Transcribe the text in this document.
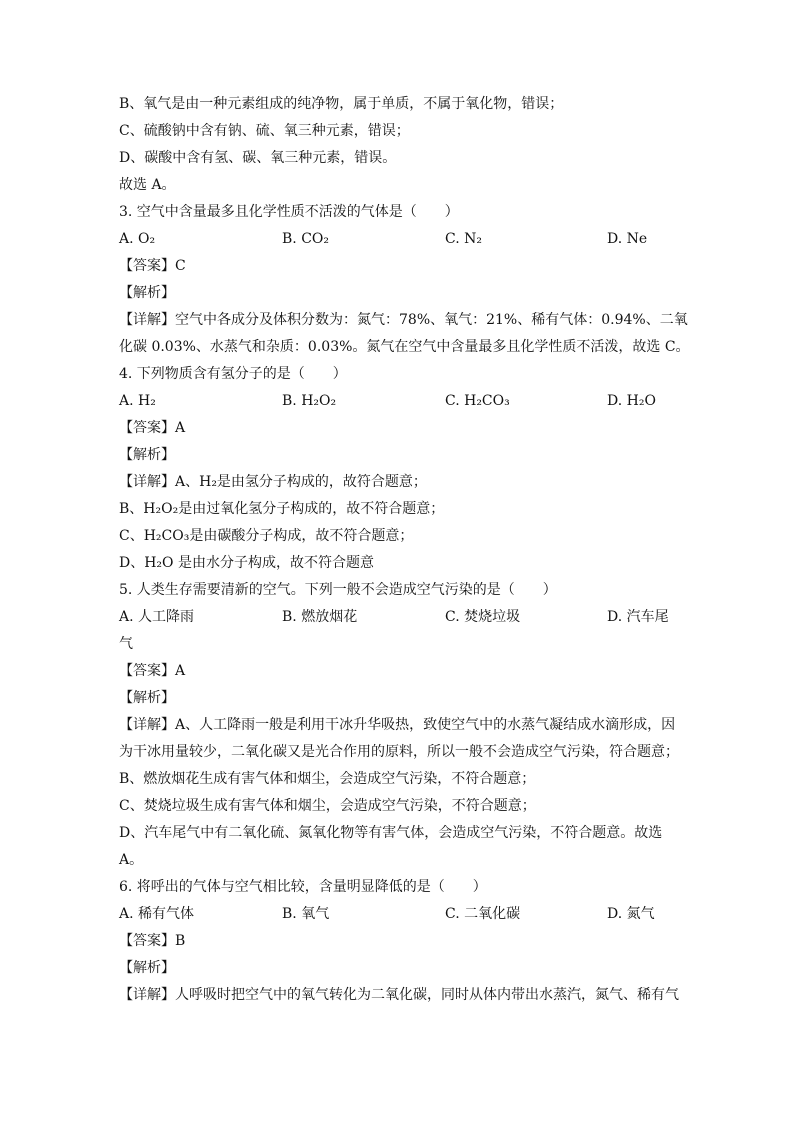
B、氧气是由一种元素组成的纯净物，属于单质，不属于氧化物，错误；
C、硫酸钠中含有钠、硫、氧三种元素，错误；
D、碳酸中含有氢、碳、氧三种元素，错误。
故选 A。
3. 空气中含量最多且化学性质不活泼的气体是（　　）
A. O₂	B. CO₂	C. N₂	D. Ne
【答案】C
【解析】
【详解】空气中各成分及体积分数为：氮气：78%、氧气：21%、稀有气体：0.94%、二氧
化碳 0.03%、水蒸气和杂质：0.03%。氮气在空气中含量最多且化学性质不活泼，故选 C。
4. 下列物质含有氢分子的是（　　）
A. H₂	B. H₂O₂	C. H₂CO₃	D. H₂O
【答案】A
【解析】
【详解】A、H₂是由氢分子构成的，故符合题意；
B、H₂O₂是由过氧化氢分子构成的，故不符合题意；
C、H₂CO₃是由碳酸分子构成，故不符合题意；
D、H₂O 是由水分子构成，故不符合题意
5. 人类生存需要清新的空气。下列一般不会造成空气污染的是（　　）
A. 人工降雨	B. 燃放烟花	C. 焚烧垃圾	D. 汽车尾
气
【答案】A
【解析】
【详解】A、人工降雨一般是利用干冰升华吸热，致使空气中的水蒸气凝结成水滴形成，因
为干冰用量较少，二氧化碳又是光合作用的原料，所以一般不会造成空气污染，符合题意；
B、燃放烟花生成有害气体和烟尘，会造成空气污染，不符合题意；
C、焚烧垃圾生成有害气体和烟尘，会造成空气污染，不符合题意；
D、汽车尾气中有二氧化硫、氮氧化物等有害气体，会造成空气污染，不符合题意。故选
A。
6. 将呼出的气体与空气相比较，含量明显降低的是（　　）
A. 稀有气体	B. 氧气	C. 二氧化碳	D. 氮气
【答案】B
【解析】
【详解】人呼吸时把空气中的氧气转化为二氧化碳，同时从体内带出水蒸汽，氮气、稀有气
